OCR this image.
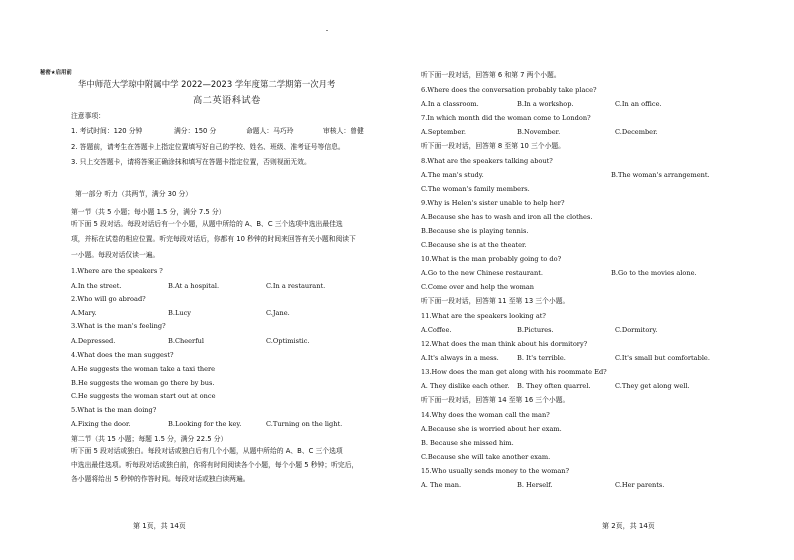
秘密★启用前
华中师范大学琼中附属中学 2022—2023 学年度第二学期第一次月考
高二英语科试卷
注意事项：
1. 考试时间：120 分钟	满分：150 分	命题人：马巧玲	审核人：曾健
2. 答题前，请考生在答题卡上指定位置填写好自己的学校、姓名、班级、准考证号等信息。
3. 只上交答题卡，请将答案正确涂抹和填写在答题卡指定位置，否则视面无效。
第一部分 听力（共两节，满分 30 分）
第一节（共 5 小题；每小题 1.5 分，满分 7.5 分）
听下面 5 段对话。每段对话后有一个小题，从题中所给的 A、B、C 三个选项中选出最佳选
项，并标在试卷的相应位置。听完每段对话后，你都有 10 秒钟的时间来回答有关小题和阅读下
一小题。每段对话仅读一遍。
1.Where are the speakers ?
A.In the street.	B.At a hospital.	C.In a restaurant.
2.Who will go abroad?
A.Mary.	B.Lucy	C.Jane.
3.What is the man's feeling?
A.Depressed.	B.Cheerful	C.Optimistic.
4.What does the man suggest?
A.He suggests the woman take a taxi there
B.He suggests the woman go there by bus.
C.He suggests the woman start out at once
5.What is the man doing?
A.Fixing the door.	B.Looking for the key.	C.Turning on the light.
第二节（共 15 小题；每题 1.5 分，满分 22.5 分）
听下面 5 段对话或独白。每段对话或独白后有几个小题，从题中所给的 A、B、C 三个选项
中选出最佳选项。听每段对话或独白前，你将有时间阅读各个小题，每个小题 5 秒钟；听完后，
各小题将给出 5 秒钟的作答时间。每段对话或独白读两遍。
第 1页，共 14页
听下面一段对话，回答第 6 和第 7 两个小题。
6.Where does the conversation probably take place?
A.In a classroom.	B.In a workshop.	C.In an office.
7.In which month did the woman come to London?
A.September.	B.November.	C.December.
听下面一段对话，回答第 8 至第 10 三个小题。
8.What are the speakers talking about?
A.The man's study.	B.The woman's arrangement.
C.The woman's family members.
9.Why is Helen's sister unable to help her?
A.Because she has to wash and iron all the clothes.
B.Because she is playing tennis.
C.Because she is at the theater.
10.What is the man probably going to do?
A.Go to the new Chinese restaurant.	B.Go to the movies alone.
C.Come over and help the woman
听下面一段对话，回答第 11 至第 13 三个小题。
11.What are the speakers looking at?
A.Coffee.	B.Pictures.	C.Dormitory.
12.What does the man think about his dormitory?
A.It's always in a mess.	B. It's terrible.	C.It's small but comfortable.
13.How does the man get along with his roommate Ed?
A. They dislike each other. B. They often quarrel.	C.They get along well.
听下面一段对话，回答第 14 至第 16 三个小题。
14.Why does the woman call the man?
A.Because she is worried about her exam.
B. Because she missed him.
C.Because she will take another exam.
15.Who usually sends money to the woman?
A. The man.	B. Herself.	C.Her parents.
第 2页，共 14页
